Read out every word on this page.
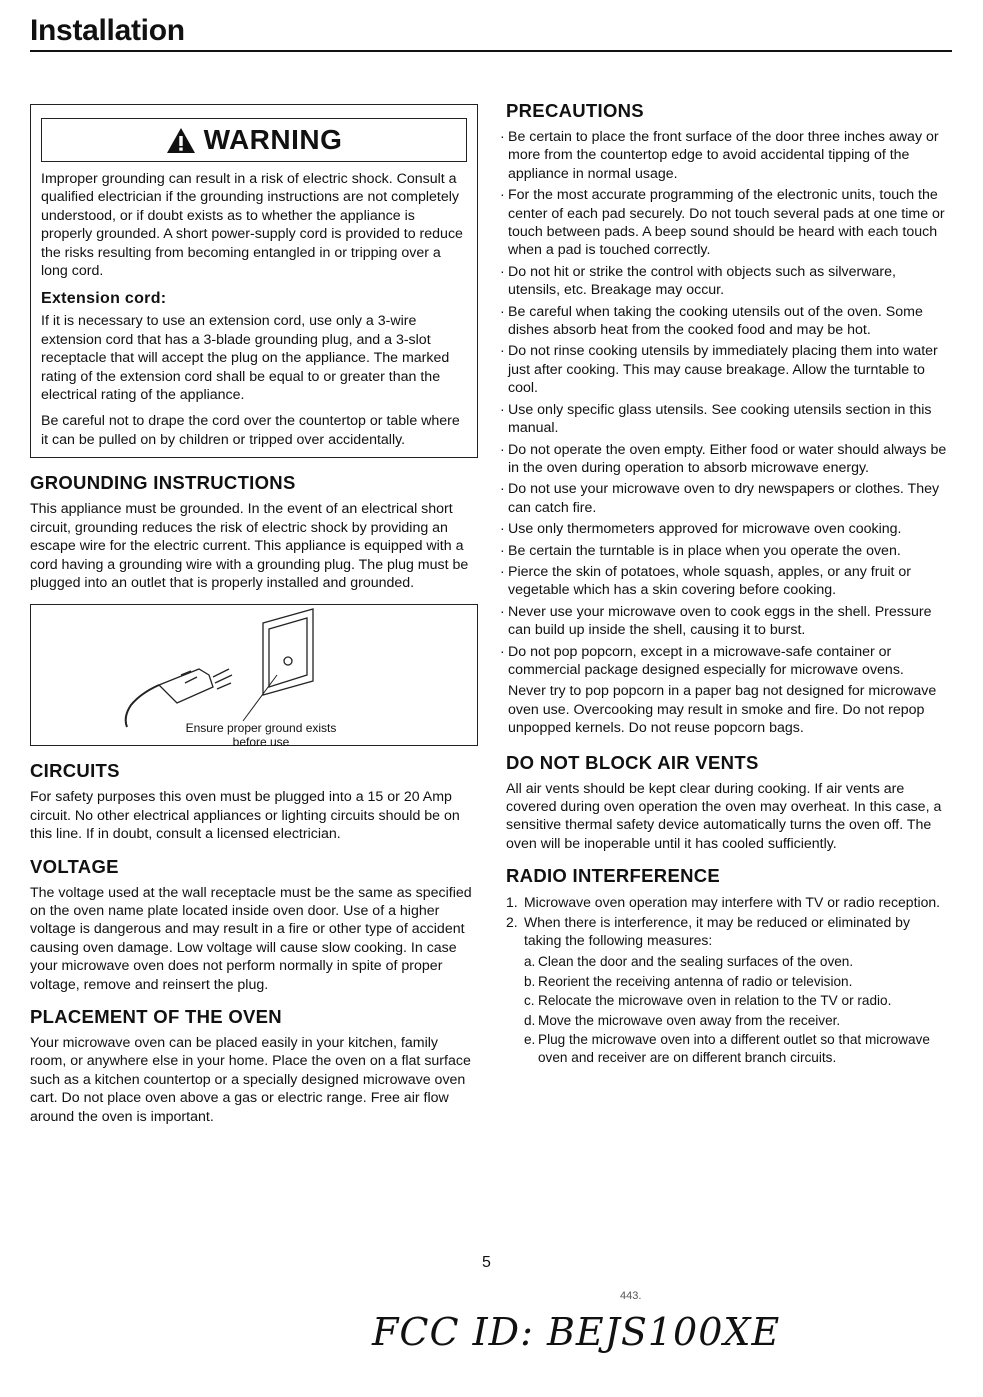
Installation
WARNING

Improper grounding can result in a risk of electric shock. Consult a qualified electrician if the grounding instructions are not completely understood, or if doubt exists as to whether the appliance is properly grounded. A short power-supply cord is provided to reduce the risks resulting from becoming entangled in or tripping over a long cord.

Extension cord:

If it is necessary to use an extension cord, use only a 3-wire extension cord that has a 3-blade grounding plug, and a 3-slot receptacle that will accept the plug on the appliance. The marked rating of the extension cord shall be equal to or greater than the electrical rating of the appliance.

Be careful not to drape the cord over the countertop or table where it can be pulled on by children or tripped over accidentally.

GROUNDING INSTRUCTIONS

This appliance must be grounded. In the event of an electrical short circuit, grounding reduces the risk of electric shock by providing an escape wire for the electric current. This appliance is equipped with a cord having a grounding wire with a grounding plug. The plug must be plugged into an outlet that is properly installed and grounded.

Ensure proper ground exists before use
CIRCUITS

For safety purposes this oven must be plugged into a 15 or 20 Amp circuit. No other electrical appliances or lighting circuits should be on this line. If in doubt, consult a licensed electrician.

VOLTAGE

The voltage used at the wall receptacle must be the same as specified on the oven name plate located inside oven door. Use of a higher voltage is dangerous and may result in a fire or other type of accident causing oven damage. Low voltage will cause slow cooking. In case your microwave oven does not perform normally in spite of proper voltage, remove and reinsert the plug.

PLACEMENT OF THE OVEN

Your microwave oven can be placed easily in your kitchen, family room, or anywhere else in your home. Place the oven on a flat surface such as a kitchen countertop or a specially designed microwave oven cart. Do not place oven above a gas or electric range. Free air flow around the oven is important.

PRECAUTIONS
· Be certain to place the front surface of the door three inches away or more from the countertop edge to avoid accidental tipping of the appliance in normal usage.
· For the most accurate programming of the electronic units, touch the center of each pad securely. Do not touch several pads at one time or touch between pads. A beep sound should be heard with each touch when a pad is touched correctly.
· Do not hit or strike the control with objects such as silverware, utensils, etc. Breakage may occur.
· Be careful when taking the cooking utensils out of the oven. Some dishes absorb heat from the cooked food and may be hot.
· Do not rinse cooking utensils by immediately placing them into water just after cooking. This may cause breakage. Allow the turntable to cool.
· Use only specific glass utensils. See cooking utensils section in this manual.
· Do not operate the oven empty. Either food or water should always be in the oven during operation to absorb microwave energy.
· Do not use your microwave oven to dry newspapers or clothes. They can catch fire.
· Use only thermometers approved for microwave oven cooking.
· Be certain the turntable is in place when you operate the oven.
· Pierce the skin of potatoes, whole squash, apples, or any fruit or vegetable which has a skin covering before cooking.
· Never use your microwave oven to cook eggs in the shell. Pressure can build up inside the shell, causing it to burst.
· Do not pop popcorn, except in a microwave-safe container or commercial package designed especially for microwave ovens.
Never try to pop popcorn in a paper bag not designed for microwave oven use. Overcooking may result in smoke and fire. Do not repop unpopped kernels. Do not reuse popcorn bags.
DO NOT BLOCK AIR VENTS

All air vents should be kept clear during cooking. If air vents are covered during oven operation the oven may overheat. In this case, a sensitive thermal safety device automatically turns the oven off. The oven will be inoperable until it has cooled sufficiently.

RADIO INTERFERENCE
1. Microwave oven operation may interfere with TV or radio reception.
2. When there is interference, it may be reduced or eliminated by taking the following measures:
a. Clean the door and the sealing surfaces of the oven.
b. Reorient the receiving antenna of radio or television.
c. Relocate the microwave oven in relation to the TV or radio.
d. Move the microwave oven away from the receiver.
e. Plug the microwave oven into a different outlet so that microwave oven and receiver are on different branch circuits.
5
443.
FCC ID: BEJS100XE
